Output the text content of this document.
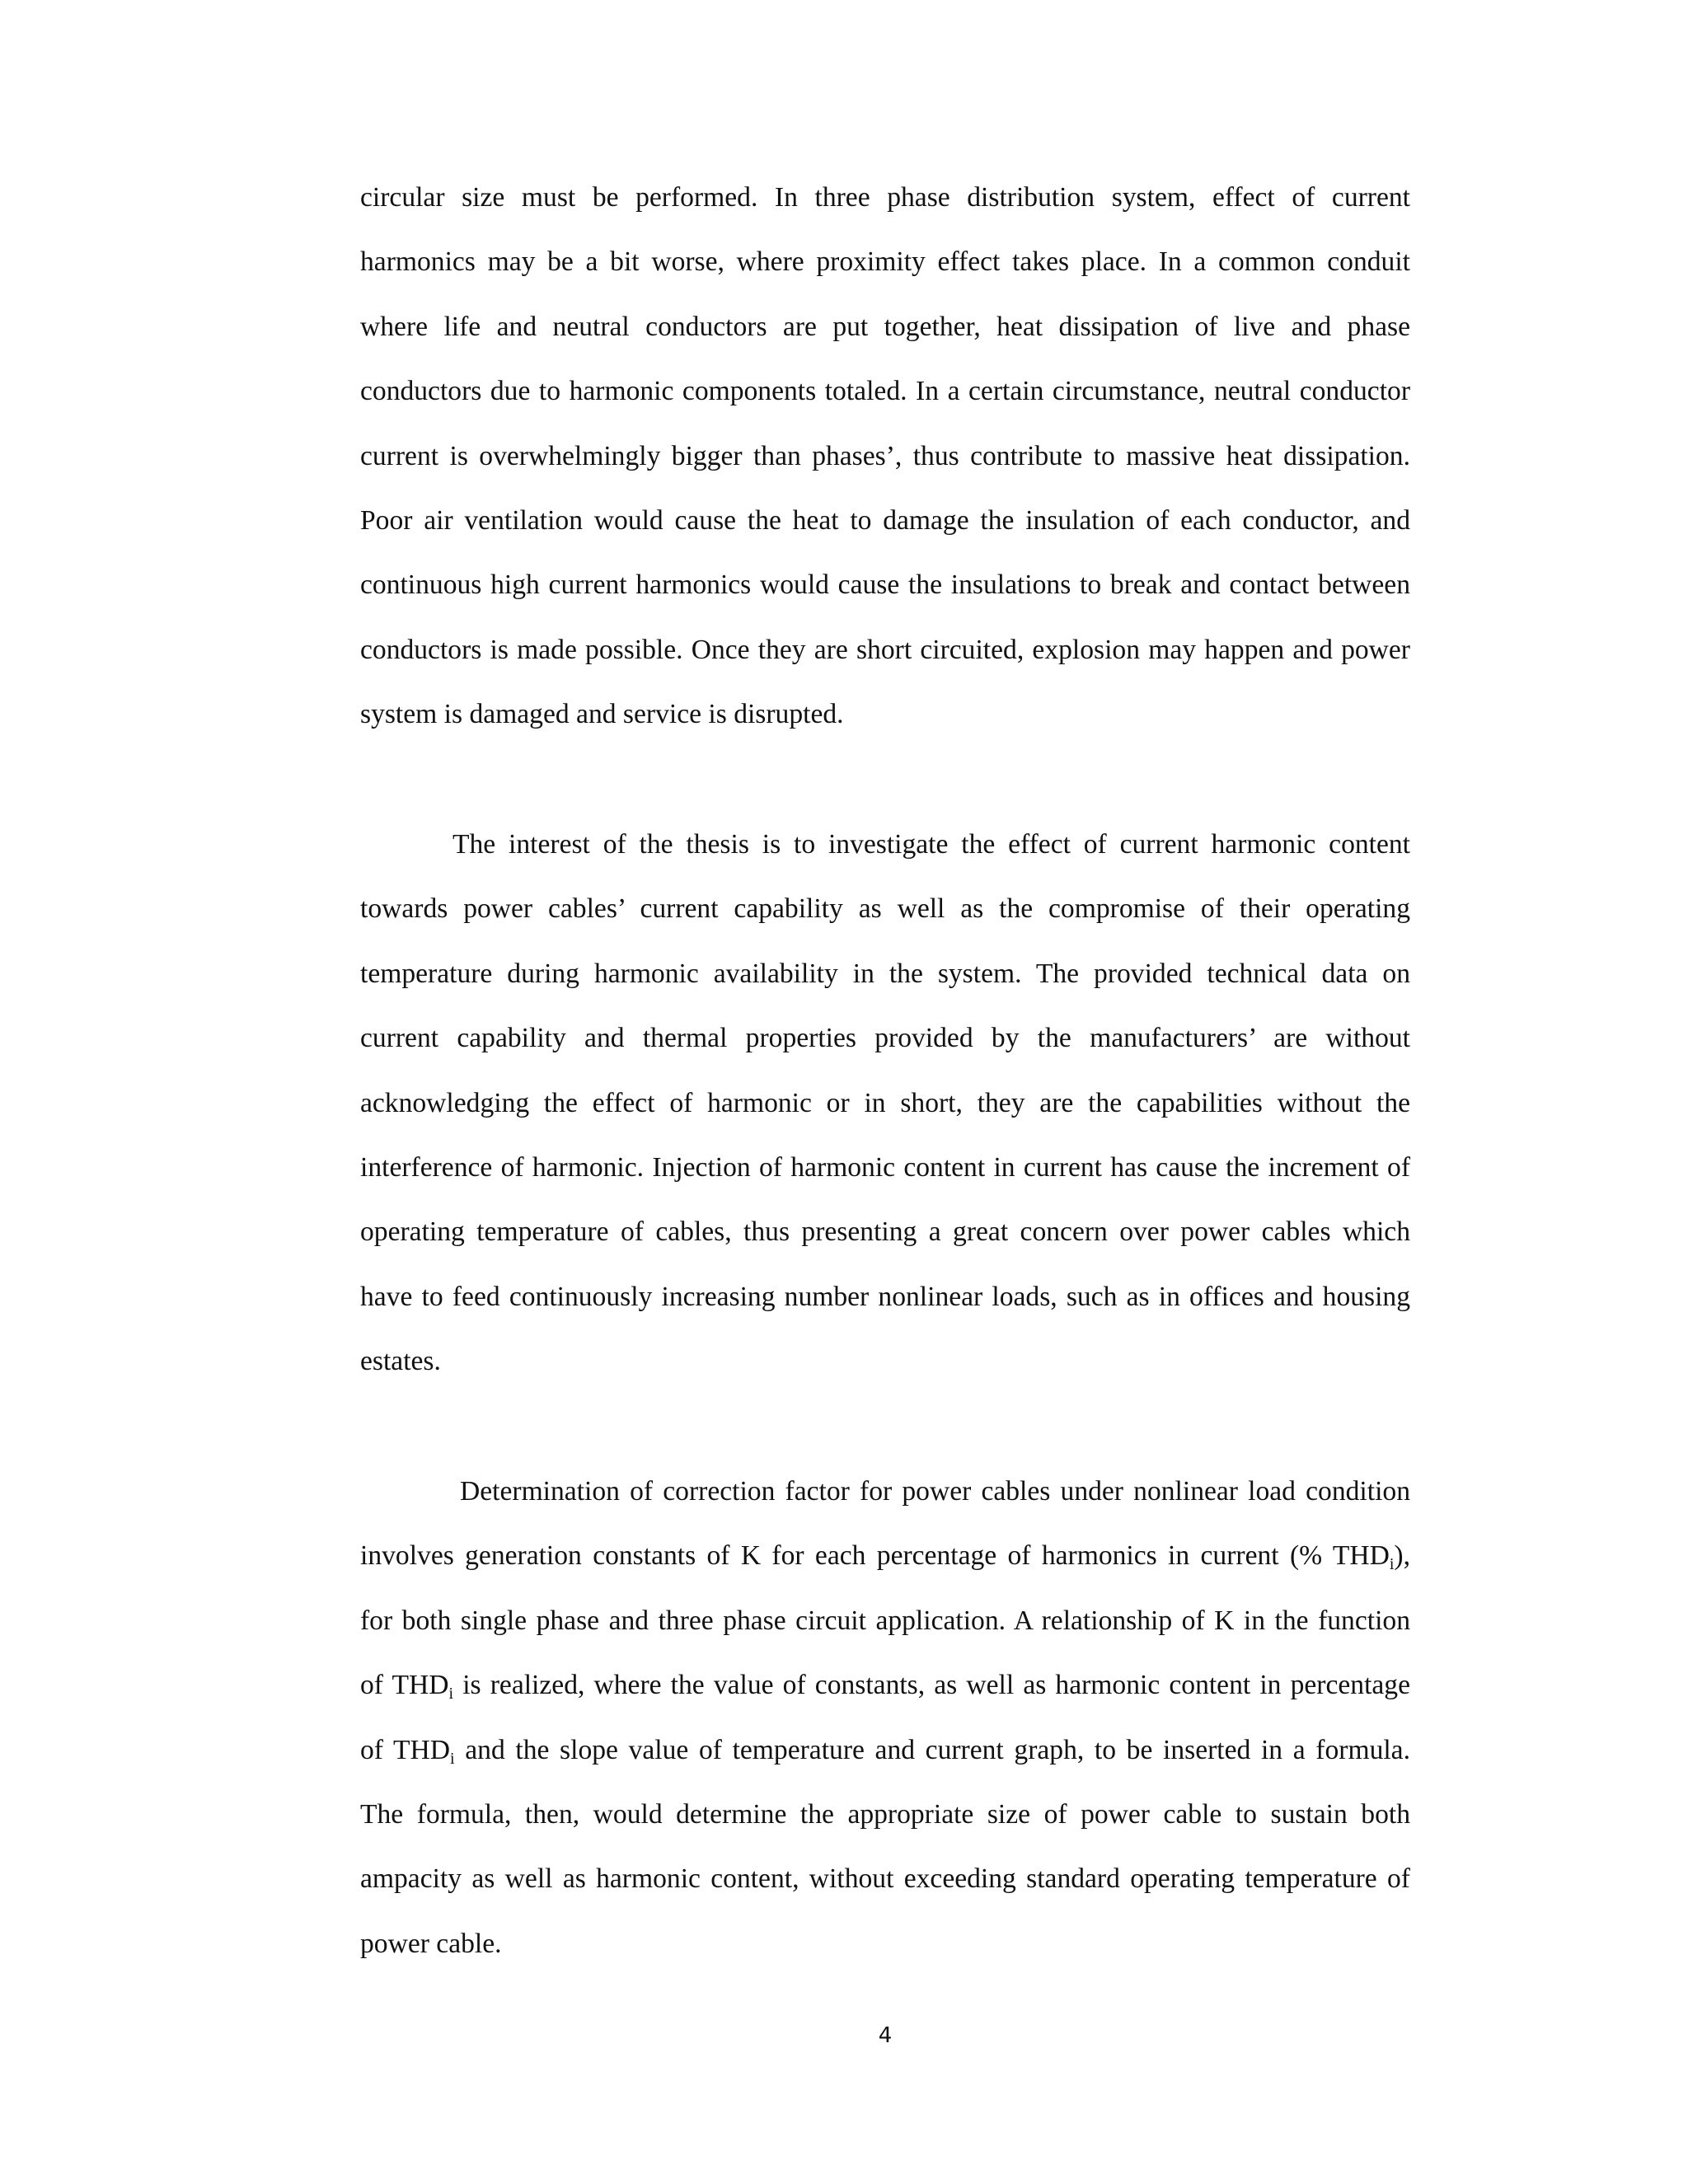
circular size must be performed. In three phase distribution system, effect of current
harmonics may be a bit worse, where proximity effect takes place. In a common conduit
where life and neutral conductors are put together, heat dissipation of live and phase
conductors due to harmonic components totaled. In a certain circumstance, neutral conductor
current is overwhelmingly bigger than phases’, thus contribute to massive heat dissipation.
Poor air ventilation would cause the heat to damage the insulation of each conductor, and
continuous high current harmonics would cause the insulations to break and contact between
conductors is made possible. Once they are short circuited, explosion may happen and power
system is damaged and service is disrupted.

The interest of the thesis is to investigate the effect of current harmonic content
towards power cables’ current capability as well as the compromise of their operating
temperature during harmonic availability in the system. The provided technical data on
current capability and thermal properties provided by the manufacturers’ are without
acknowledging the effect of harmonic or in short, they are the capabilities without the
interference of harmonic. Injection of harmonic content in current has cause the increment of
operating temperature of cables, thus presenting a great concern over power cables which
have to feed continuously increasing number nonlinear loads, such as in offices and housing
estates.

Determination of correction factor for power cables under nonlinear load condition
involves generation constants of K for each percentage of harmonics in current (% $THD_i$),
for both single phase and three phase circuit application. A relationship of K in the function
of $THD_i$ is realized, where the value of constants, as well as harmonic content in percentage
of $THD_i$ and the slope value of temperature and current graph, to be inserted in a formula.
The formula, then, would determine the appropriate size of power cable to sustain both
ampacity as well as harmonic content, without exceeding standard operating temperature of
power cable.

4
